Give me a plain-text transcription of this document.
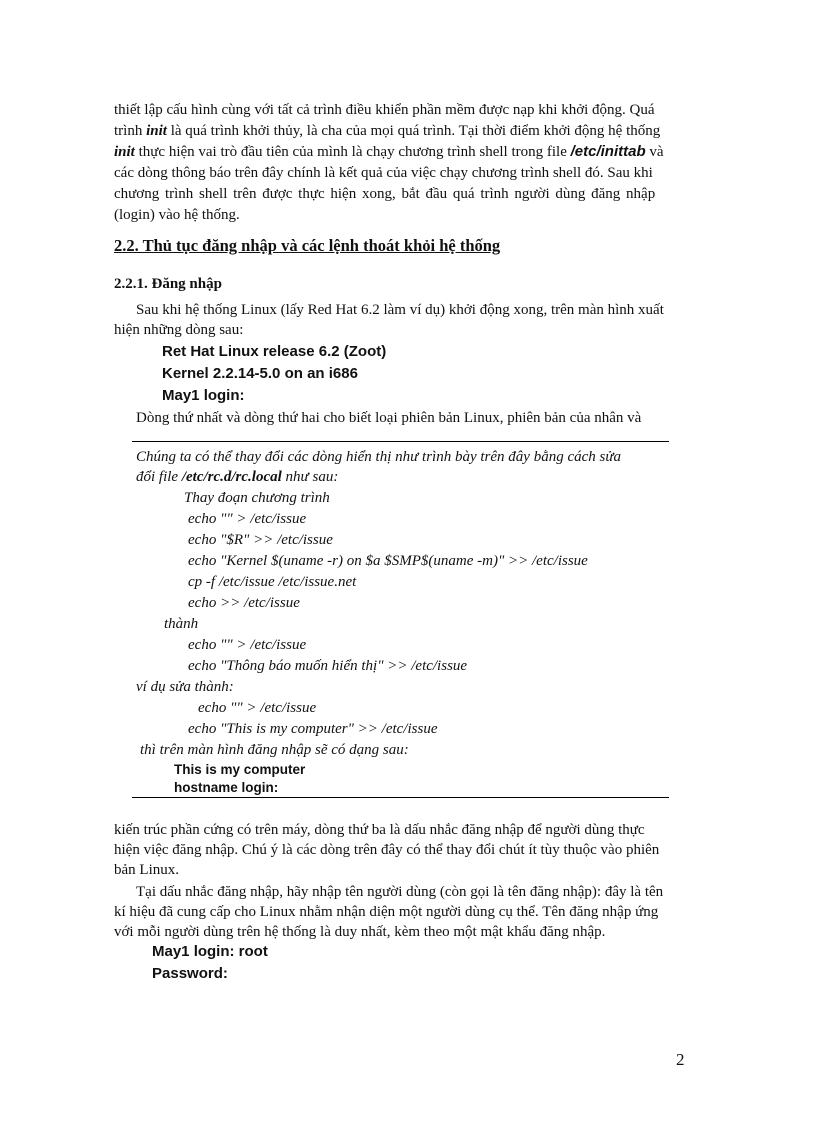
thiết lập cấu hình cùng với tất cả trình điều khiển phần mềm được nạp khi khởi động. Quá

trình init là quá trình khởi thủy, là cha của mọi quá trình. Tại thời điểm khởi động hệ thống

init thực hiện vai trò đầu tiên của mình là chạy chương trình shell trong file /etc/inittab và

các dòng thông báo trên đây chính là kết quả của việc chạy chương trình shell đó. Sau khi

chương trình shell trên được thực hiện xong, bắt đầu quá trình người dùng đăng nhập

(login) vào hệ thống.

2.2. Thủ tục đăng nhập và các lệnh thoát khỏi hệ thống

2.2.1. Đăng nhập

Sau khi hệ thống Linux (lấy Red Hat 6.2 làm ví dụ) khởi động xong, trên màn hình xuất

hiện những dòng sau:

Ret Hat Linux release 6.2 (Zoot)

Kernel 2.2.14-5.0 on an i686

May1 login:

Dòng thứ nhất và dòng thứ hai cho biết loại phiên bản Linux, phiên bản của nhân và

Chúng ta có thể thay đổi các dòng hiển thị như trình bày trên đây bằng cách sửa

đổi file /etc/rc.d/rc.local như sau:

Thay đoạn chương trình

echo "" > /etc/issue

echo "$R" >> /etc/issue

echo "Kernel $(uname -r) on $a $SMP$(uname -m)" >> /etc/issue

cp -f /etc/issue /etc/issue.net

echo >> /etc/issue

thành

echo "" > /etc/issue

echo "Thông báo muốn hiển thị" >> /etc/issue

ví dụ sửa thành:

echo "" > /etc/issue

echo "This is my computer" >> /etc/issue

thì trên màn hình đăng nhập sẽ có dạng sau:

This is my computer

hostname login:

kiến trúc phần cứng có trên máy, dòng thứ ba là dấu nhắc đăng nhập để người dùng thực

hiện việc đăng nhập. Chú ý là các dòng trên đây có thể thay đổi chút ít tùy thuộc vào phiên

bản Linux.

Tại dấu nhắc đăng nhập, hãy nhập tên người dùng (còn gọi là tên đăng nhập): đây là tên

kí hiệu đã cung cấp cho Linux nhằm nhận diện một người dùng cụ thể. Tên đăng nhập ứng

với mỗi người dùng trên hệ thống là duy nhất, kèm theo một mật khẩu đăng nhập.

May1 login: root

Password:

2
